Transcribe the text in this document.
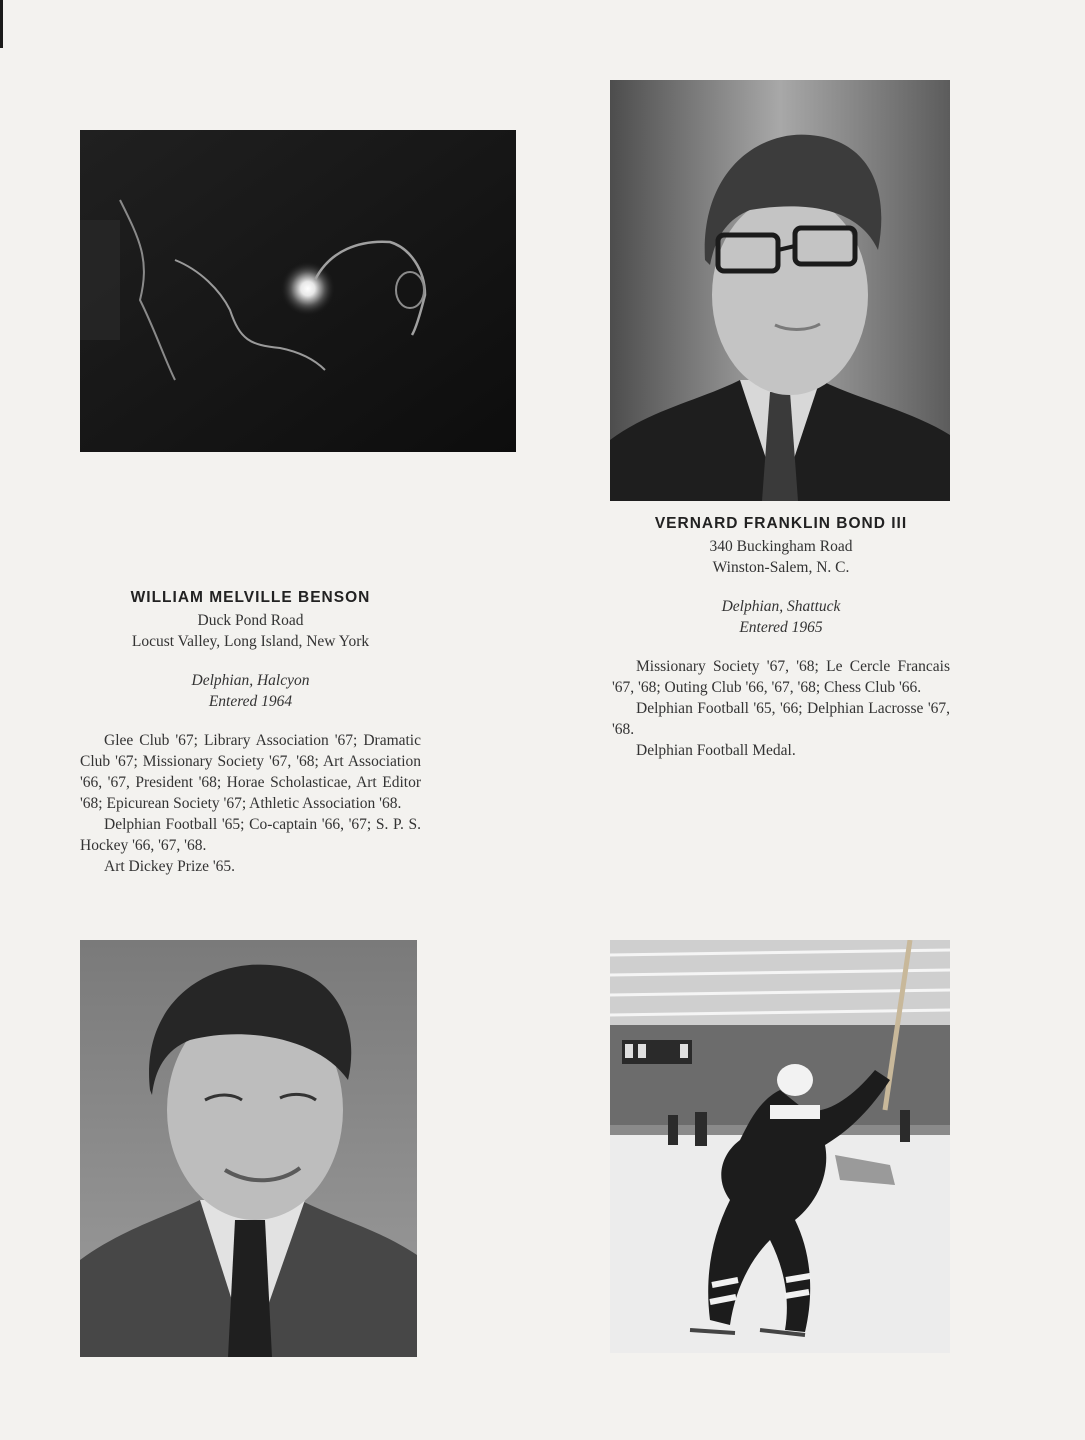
WILLIAM MELVILLE BENSON
Duck Pond Road
Locust Valley, Long Island, New York
Delphian, Halcyon
Entered 1964

Glee Club '67; Library Association '67; Dramatic Club '67; Missionary Society '67, '68; Art Association '66, '67, President '68; Horae Scholasticae, Art Editor '68; Epicurean Society '67; Athletic Association '68.

Delphian Football '65; Co-captain '66, '67; S. P. S. Hockey '66, '67, '68.

Art Dickey Prize '65.

VERNARD FRANKLIN BOND III
340 Buckingham Road
Winston-Salem, N. C.
Delphian, Shattuck
Entered 1965

Missionary Society '67, '68; Le Cercle Francais '67, '68; Outing Club '66, '67, '68; Chess Club '66.

Delphian Football '65, '66; Delphian Lacrosse '67, '68.

Delphian Football Medal.
